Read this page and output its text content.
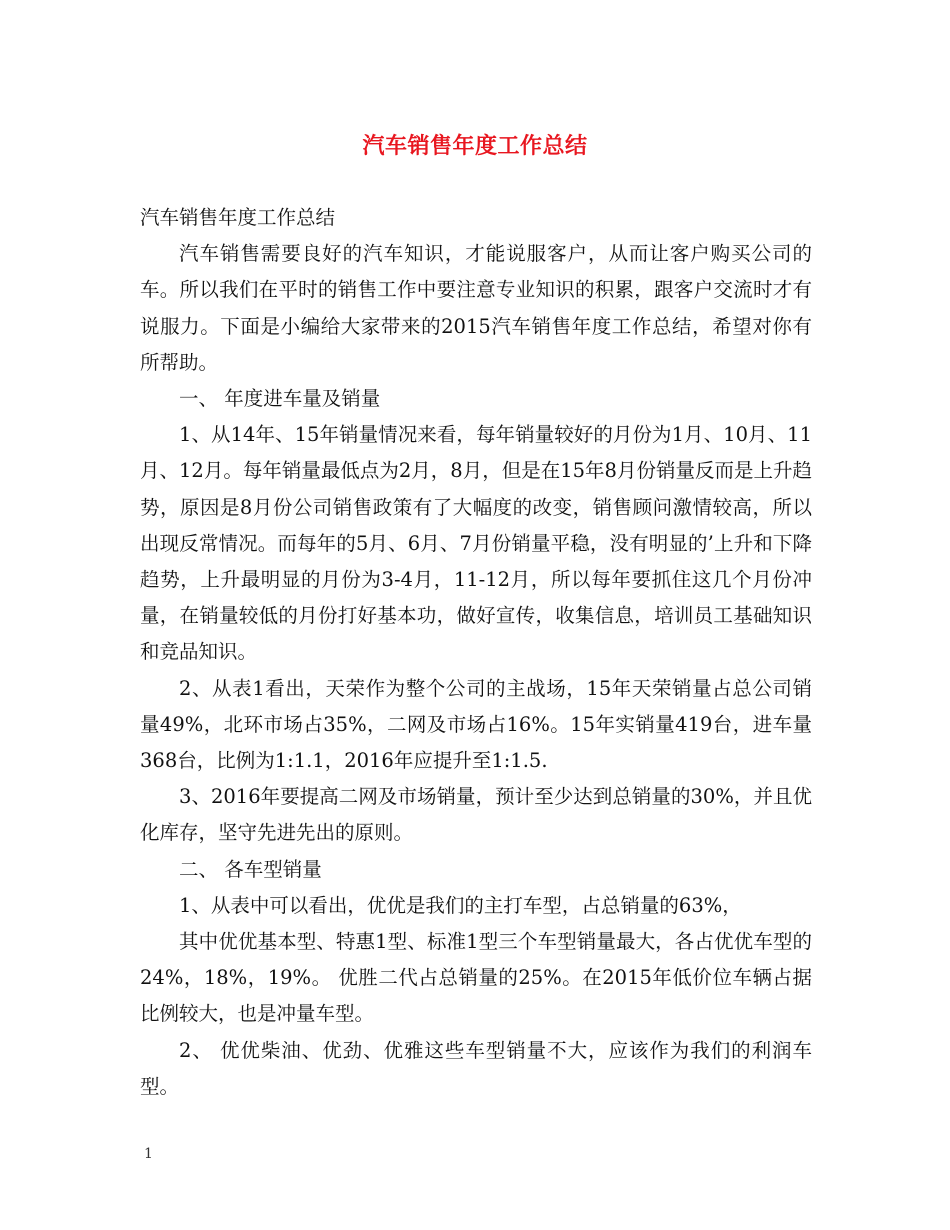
汽车销售年度工作总结

汽车销售年度工作总结

汽车销售需要良好的汽车知识，才能说服客户，从而让客户购买公司的车。所以我们在平时的销售工作中要注意专业知识的积累，跟客户交流时才有说服力。下面是小编给大家带来的2015汽车销售年度工作总结，希望对你有所帮助。

一、 年度进车量及销量

1、从14年、15年销量情况来看，每年销量较好的月份为1月、10月、11月、12月。每年销量最低点为2月，8月，但是在15年8月份销量反而是上升趋势，原因是8月份公司销售政策有了大幅度的改变，销售顾问激情较高，所以出现反常情况。而每年的5月、6月、7月份销量平稳，没有明显的’上升和下降趋势，上升最明显的月份为3-4月，11-12月，所以每年要抓住这几个月份冲量，在销量较低的月份打好基本功，做好宣传，收集信息，培训员工基础知识和竞品知识。

2、从表1看出，天荣作为整个公司的主战场，15年天荣销量占总公司销量49%，北环市场占35%，二网及市场占16%。15年实销量419台，进车量368台，比例为1:1.1，2016年应提升至1:1.5.

3、2016年要提高二网及市场销量，预计至少达到总销量的30%，并且优化库存，坚守先进先出的原则。

二、 各车型销量

1、从表中可以看出，优优是我们的主打车型，占总销量的63%，

其中优优基本型、特惠1型、标准1型三个车型销量最大，各占优优车型的24%，18%，19%。 优胜二代占总销量的25%。在2015年低价位车辆占据比例较大，也是冲量车型。

2、 优优柴油、优劲、优雅这些车型销量不大，应该作为我们的利润车型。

1
